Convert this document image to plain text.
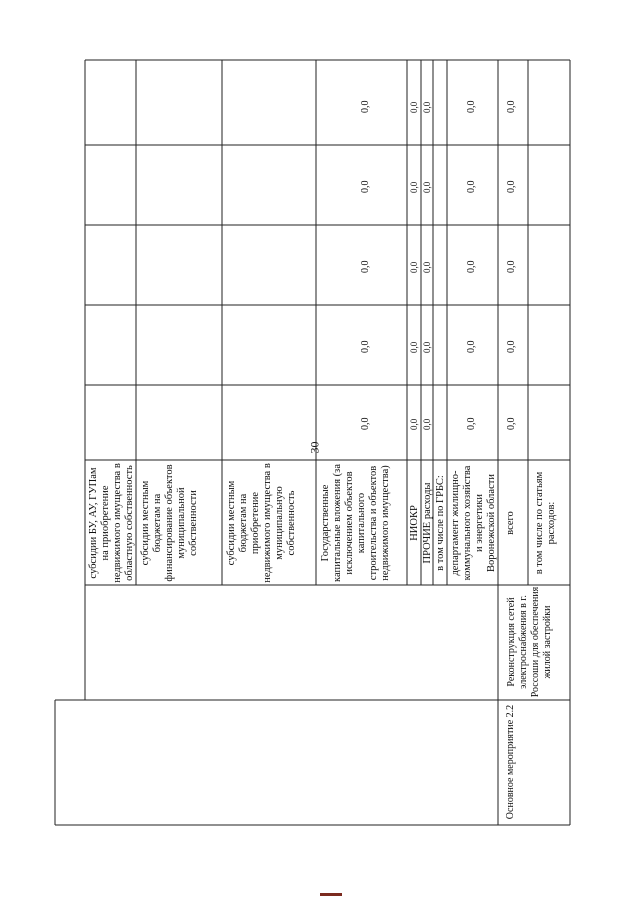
30
субсидии БУ, АУ, ГУПам на приобретение недвижимого имущества в областную собственность субсидии местным бюджетам на финансирование объектов муниципальной собственности	субсидии местным бюджетам на приобретение недвижимого имущества в муниципальную собственность Государственные капитальные вложения (за исключением объектов капитального строительства и объектов недвижимого имущества) НИОКР ПРОЧИЕ расходы в том числе по ГРБС: департамент жилищно-коммунального хозяйства и энергетики Воронежской области всего в том числе по статьям расходов:
Реконструкция сетей электроснабжения в г. Россоши для обеспечения жилой застройки
Основное мероприятие 2.2
0,0
0,0
0,0
0,0
0,0
0,0
0,0
0,0
0,0
0,0
0,0
0,0
0,0
0,0
0,0
0,0
0,0
0,0
0,0
0,0
0,0
0,0
0,0
0,0
0,0
